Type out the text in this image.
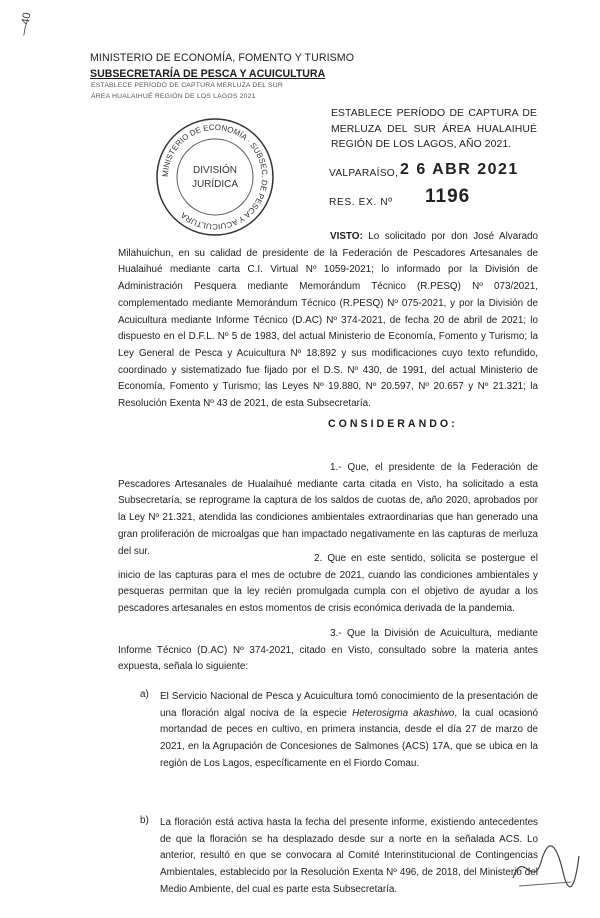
—40
MINISTERIO DE ECONOMÍA, FOMENTO Y TURISMO
SUBSECRETARÍA DE PESCA Y ACUICULTURA
ESTABLECE PERÍODO DE CAPTURA MERLUZA DEL SUR
ÁREA HUALAIHUÉ REGIÓN DE LOS LAGOS 2021
MINISTERIO DE ECONOMÍA · SUBSEC. DE PESCA Y ACUICULTURA
DIVISIÓN
JURÍDICA
ESTABLECE PERÍODO DE CAPTURA DE MERLUZA DEL SUR ÁREA HUALAIHUÉ REGIÓN DE LOS LAGOS, AÑO 2021.
VALPARAÍSO, 2 6 ABR 2021
RES. EX. Nº 1196
VISTO: Lo solicitado por don José Alvarado Milahuichun, en su calidad de presidente de la Federación de Pescadores Artesanales de Hualaihué mediante carta C.I. Virtual Nº 1059-2021; lo informado por la División de Administración Pesquera mediante Memorándum Técnico (R.PESQ) Nº 073/2021, complementado mediante Memorándum Técnico (R.PESQ) Nº 075-2021, y por la División de Acuicultura mediante Informe Técnico (D.AC) Nº 374-2021, de fecha 20 de abril de 2021; lo dispuesto en el D.F.L. Nº 5 de 1983, del actual Ministerio de Economía, Fomento y Turismo; la Ley General de Pesca y Acuicultura Nº 18.892 y sus modificaciones cuyo texto refundido, coordinado y sistematizado fue fijado por el D.S. Nº 430, de 1991, del actual Ministerio de Economía, Fomento y Turismo; las Leyes Nº 19.880, Nº 20.597, Nº 20.657 y Nº 21.321; la Resolución Exenta Nº 43 de 2021, de esta Subsecretaría.
CONSIDERANDO:
1.- Que, el presidente de la Federación de Pescadores Artesanales de Hualaihué mediante carta citada en Visto, ha solicitado a esta Subsecretaría, se reprograme la captura de los saldos de cuotas de, año 2020, aprobados por la Ley Nº 21.321, atendida las condiciones ambientales extraordinarias que han generado una gran proliferación de microalgas que han impactado negativamente en las capturas de merluza del sur.
2. Que en este sentido, solicita se postergue el inicio de las capturas para el mes de octubre de 2021, cuando las condiciones ambientales y pesqueras permitan que la ley recién promulgada cumpla con el objetivo de ayudar a los pescadores artesanales en estos momentos de crisis económica derivada de la pandemia.
3.- Que la División de Acuicultura, mediante Informe Técnico (D.AC) Nº 374-2021, citado en Visto, consultado sobre la materia antes expuesta, señala lo siguiente:
a) El Servicio Nacional de Pesca y Acuicultura tomó conocimiento de la presentación de una floración algal nociva de la especie Heterosigma akashiwo, la cual ocasionó mortandad de peces en cultivo, en primera instancia, desde el día 27 de marzo de 2021, en la Agrupación de Concesiones de Salmones (ACS) 17A, que se ubica en la región de Los Lagos, específicamente en el Fiordo Comau.
b) La floración está activa hasta la fecha del presente informe, existiendo antecedentes de que la floración se ha desplazado desde sur a norte en la señalada ACS. Lo anterior, resultó en que se convocara al Comité Interinstitucional de Contingencias Ambientales, establecido por la Resolución Exenta Nº 496, de 2018, del Ministerio del Medio Ambiente, del cual es parte esta Subsecretaría.
